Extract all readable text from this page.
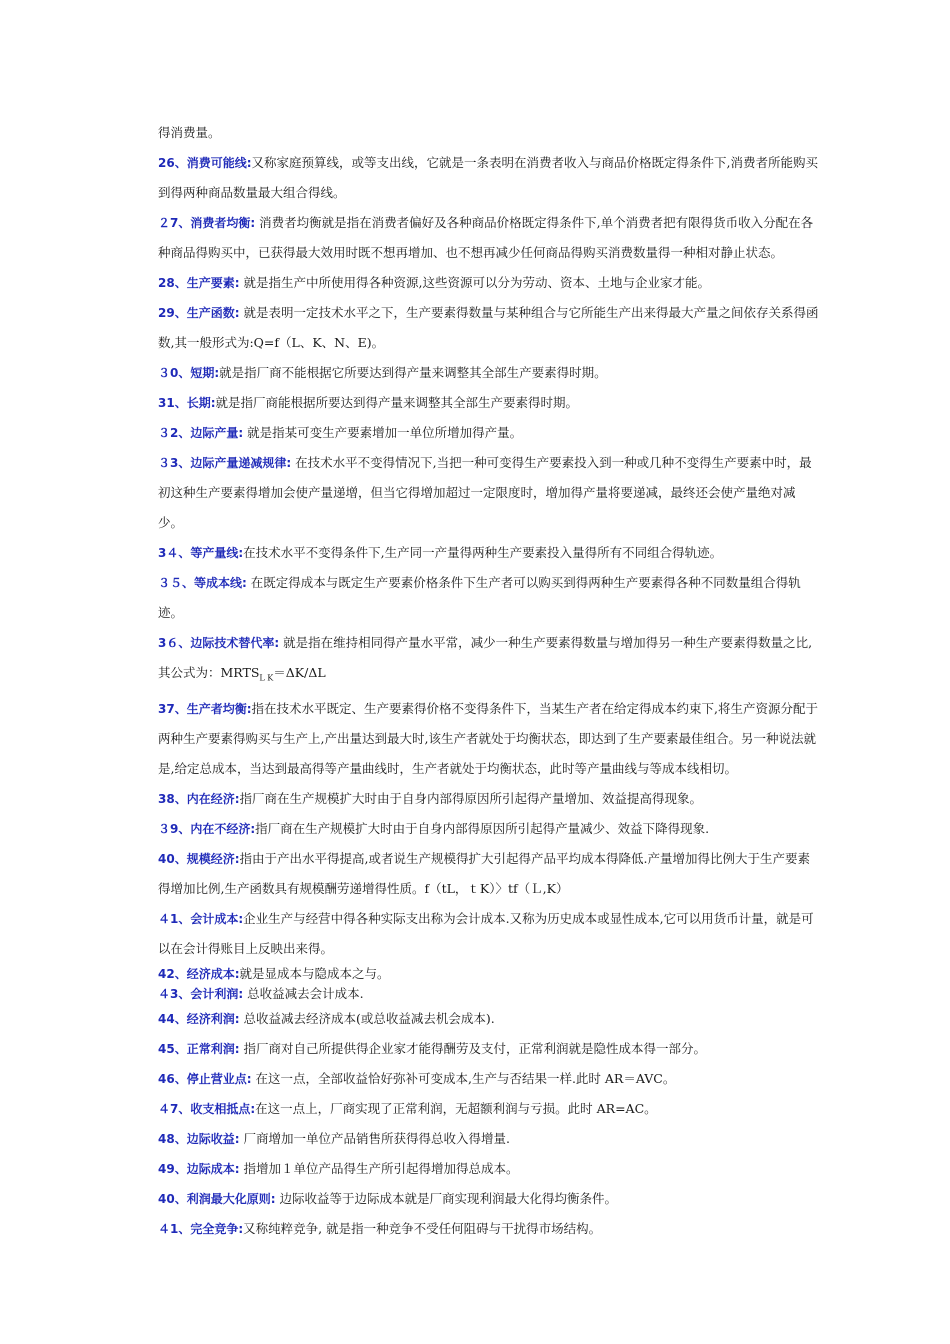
得消费量。

26、消费可能线:又称家庭预算线，或等支出线，它就是一条表明在消费者收入与商品价格既定得条件下,消费者所能购买到得两种商品数量最大组合得线。

２7、消费者均衡: 消费者均衡就是指在消费者偏好及各种商品价格既定得条件下,单个消费者把有限得货币收入分配在各种商品得购买中，已获得最大效用时既不想再增加、也不想再减少任何商品得购买消费数量得一种相对静止状态。

28、生产要素: 就是指生产中所使用得各种资源,这些资源可以分为劳动、资本、土地与企业家才能。

29、生产函数: 就是表明一定技术水平之下，生产要素得数量与某种组合与它所能生产出来得最大产量之间依存关系得函数,其一般形式为:Q=f（L、K、N、E)。

３0、短期:就是指厂商不能根据它所要达到得产量来调整其全部生产要素得时期。

31、长期:就是指厂商能根据所要达到得产量来调整其全部生产要素得时期。

３2、边际产量: 就是指某可变生产要素增加一单位所增加得产量。

３3、边际产量递减规律: 在技术水平不变得情况下,当把一种可变得生产要素投入到一种或几种不变得生产要素中时，最初这种生产要素得增加会使产量递增，但当它得增加超过一定限度时，增加得产量将要递减，最终还会使产量绝对减少。

3４、等产量线:在技术水平不变得条件下,生产同一产量得两种生产要素投入量得所有不同组合得轨迹。

３５、等成本线: 在既定得成本与既定生产要素价格条件下生产者可以购买到得两种生产要素得各种不同数量组合得轨迹。

3６、边际技术替代率: 就是指在维持相同得产量水平常，减少一种生产要素得数量与增加得另一种生产要素得数量之比,其公式为：$MRTS_{L K}=\Delta K/\Delta L$

37、生产者均衡:指在技术水平既定、生产要素得价格不变得条件下，当某生产者在给定得成本约束下,将生产资源分配于两种生产要素得购买与生产上,产出量达到最大时,该生产者就处于均衡状态，即达到了生产要素最佳组合。另一种说法就是,给定总成本，当达到最高得等产量曲线时，生产者就处于均衡状态，此时等产量曲线与等成本线相切。

38、内在经济:指厂商在生产规模扩大时由于自身内部得原因所引起得产量增加、效益提高得现象。

３9、内在不经济:指厂商在生产规模扩大时由于自身内部得原因所引起得产量减少、效益下降得现象.

40、规模经济:指由于产出水平得提高,或者说生产规模得扩大引起得产品平均成本得降低.产量增加得比例大于生产要素得增加比例,生产函数具有规模酬劳递增得性质。f（tL，ｔK）〉tf（Ｌ,K）

４1、会计成本:企业生产与经营中得各种实际支出称为会计成本.又称为历史成本或显性成本,它可以用货币计量，就是可以在会计得账目上反映出来得。

42、经济成本:就是显成本与隐成本之与。

４3、会计利润: 总收益减去会计成本.

44、经济利润: 总收益减去经济成本(或总收益减去机会成本).

45、正常利润: 指厂商对自己所提供得企业家才能得酬劳及支付，正常利润就是隐性成本得一部分。

46、停止营业点: 在这一点，全部收益恰好弥补可变成本,生产与否结果一样.此时 AR＝AVC。

４7、收支相抵点:在这一点上，厂商实现了正常利润，无超额利润与亏损。此时 AR=AC。

48、边际收益: 厂商增加一单位产品销售所获得得总收入得增量.

49、边际成本: 指增加１单位产品得生产所引起得增加得总成本。

40、利润最大化原则: 边际收益等于边际成本就是厂商实现利润最大化得均衡条件。

４1、完全竞争:又称纯粹竞争, 就是指一种竞争不受任何阻碍与干扰得市场结构。
